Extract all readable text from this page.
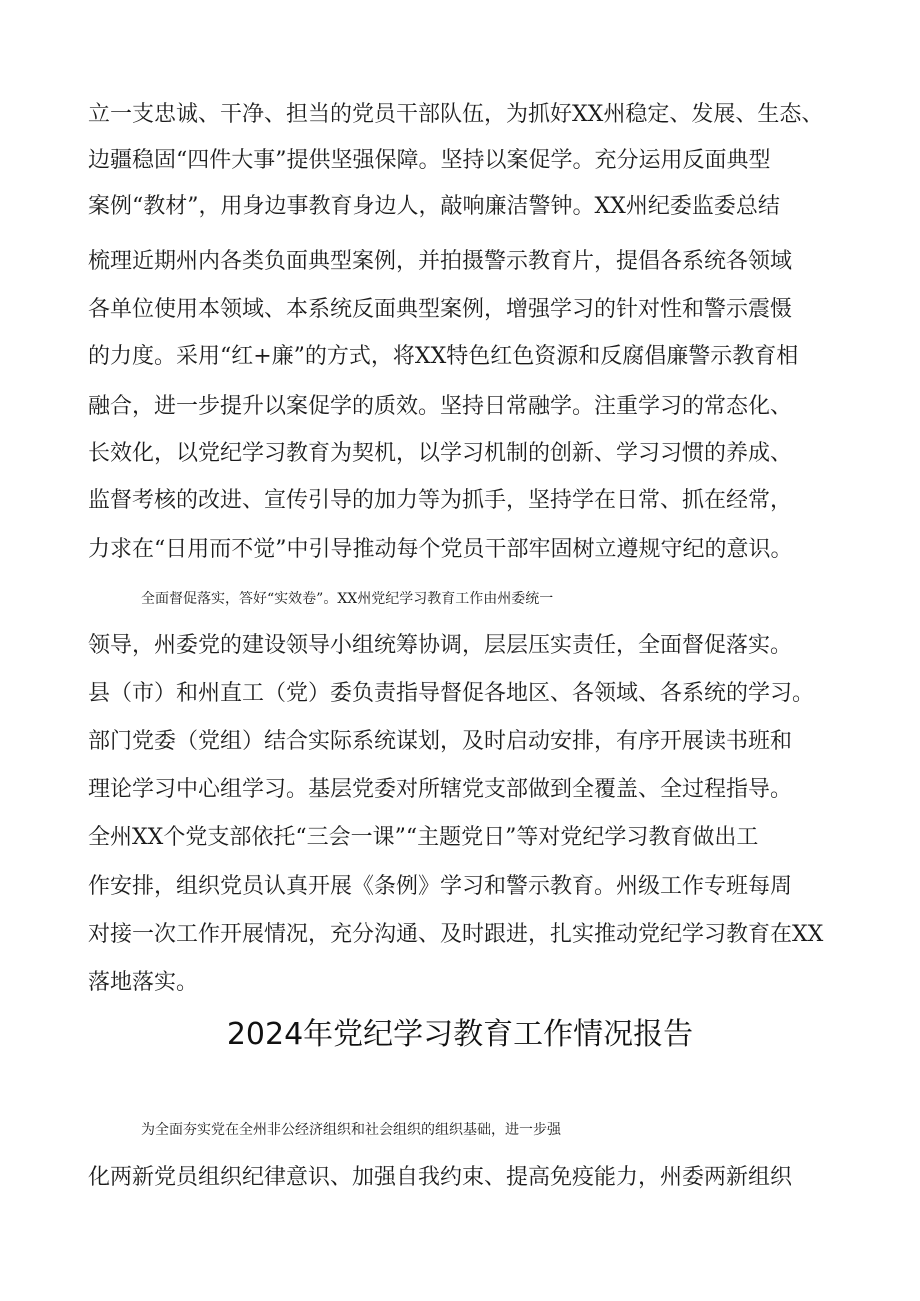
立一支忠诚、干净、担当的党员干部队伍，为抓好XX州稳定、发展、生态、
边疆稳固“四件大事”提供坚强保障。坚持以案促学。充分运用反面典型
案例“教材”，用身边事教育身边人，敲响廉洁警钟。XX州纪委监委总结
梳理近期州内各类负面典型案例，并拍摄警示教育片，提倡各系统各领域
各单位使用本领域、本系统反面典型案例，增强学习的针对性和警示震慑
的力度。采用“红+廉”的方式，将XX特色红色资源和反腐倡廉警示教育相
融合，进一步提升以案促学的质效。坚持日常融学。注重学习的常态化、
长效化，以党纪学习教育为契机，以学习机制的创新、学习习惯的养成、
监督考核的改进、宣传引导的加力等为抓手，坚持学在日常、抓在经常，
力求在“日用而不觉”中引导推动每个党员干部牢固树立遵规守纪的意识。
全面督促落实，答好“实效卷”。XX州党纪学习教育工作由州委统一
领导，州委党的建设领导小组统筹协调，层层压实责任，全面督促落实。
县（市）和州直工（党）委负责指导督促各地区、各领域、各系统的学习。
部门党委（党组）结合实际系统谋划，及时启动安排，有序开展读书班和
理论学习中心组学习。基层党委对所辖党支部做到全覆盖、全过程指导。
全州XX个党支部依托“三会一课”“主题党日”等对党纪学习教育做出工
作安排，组织党员认真开展《条例》学习和警示教育。州级工作专班每周
对接一次工作开展情况，充分沟通、及时跟进，扎实推动党纪学习教育在XX
落地落实。
2024年党纪学习教育工作情况报告
为全面夯实党在全州非公经济组织和社会组织的组织基础，进一步强
化两新党员组织纪律意识、加强自我约束、提高免疫能力，州委两新组织
